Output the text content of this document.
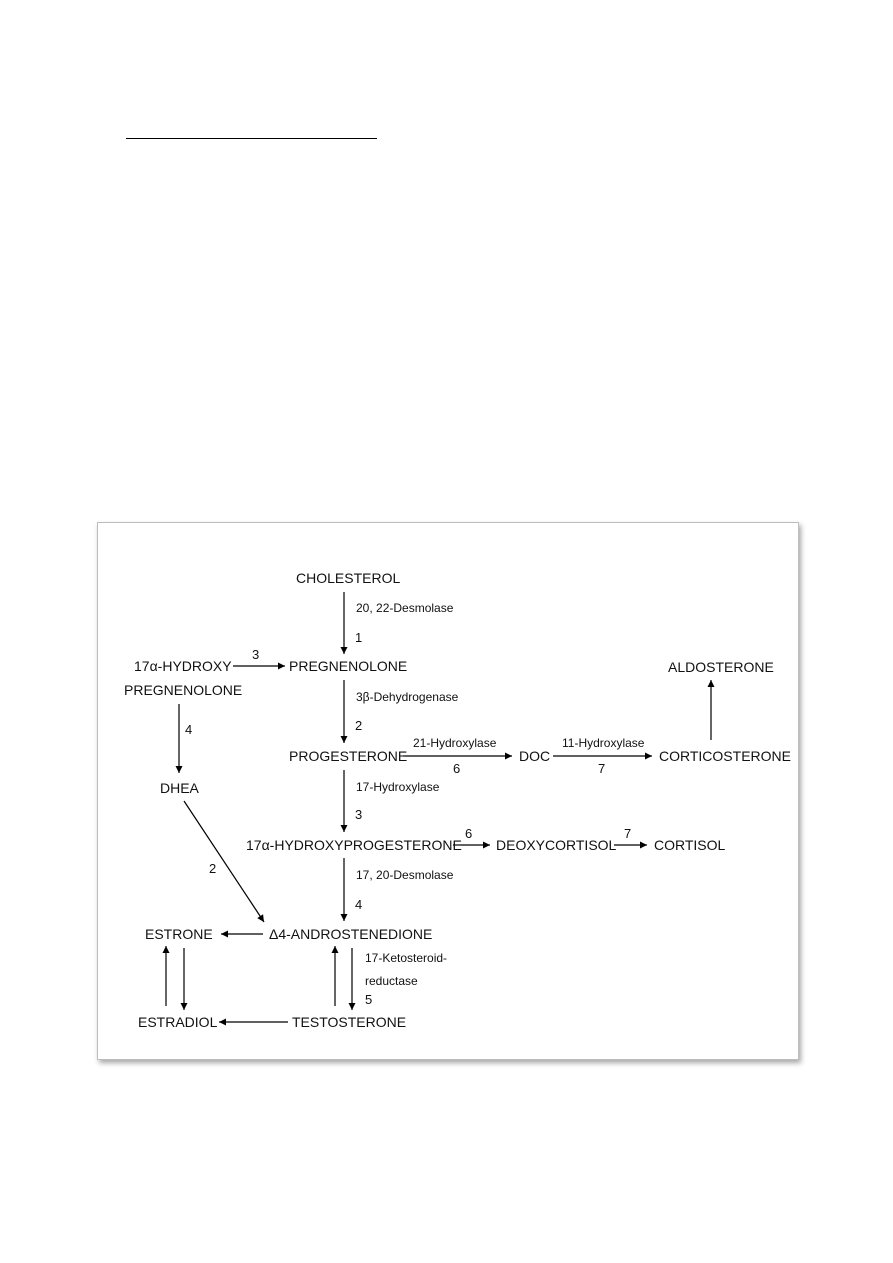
CHOLESTEROL
PREGNENOLONE
17α-HYDROXY
PREGNENOLONE
PROGESTERONE	DOC	CORTICOSTERONE
ALDOSTERONE
DHEA
17α-HYDROXYPROGESTERONE DEOXYCORTISOL	CORTISOL
Δ4-ANDROSTENEDIONE
ESTRONE
ESTRADIOL	TESTOSTERONE
20, 22-Desmolase
3β-Dehydrogenase
21-Hydroxylase	11-Hydroxylase
17-Hydroxylase
17, 20-Desmolase
17-Ketosteroid-
reductase
1
2
3
4
5
6	7
6	7
3
4
2
